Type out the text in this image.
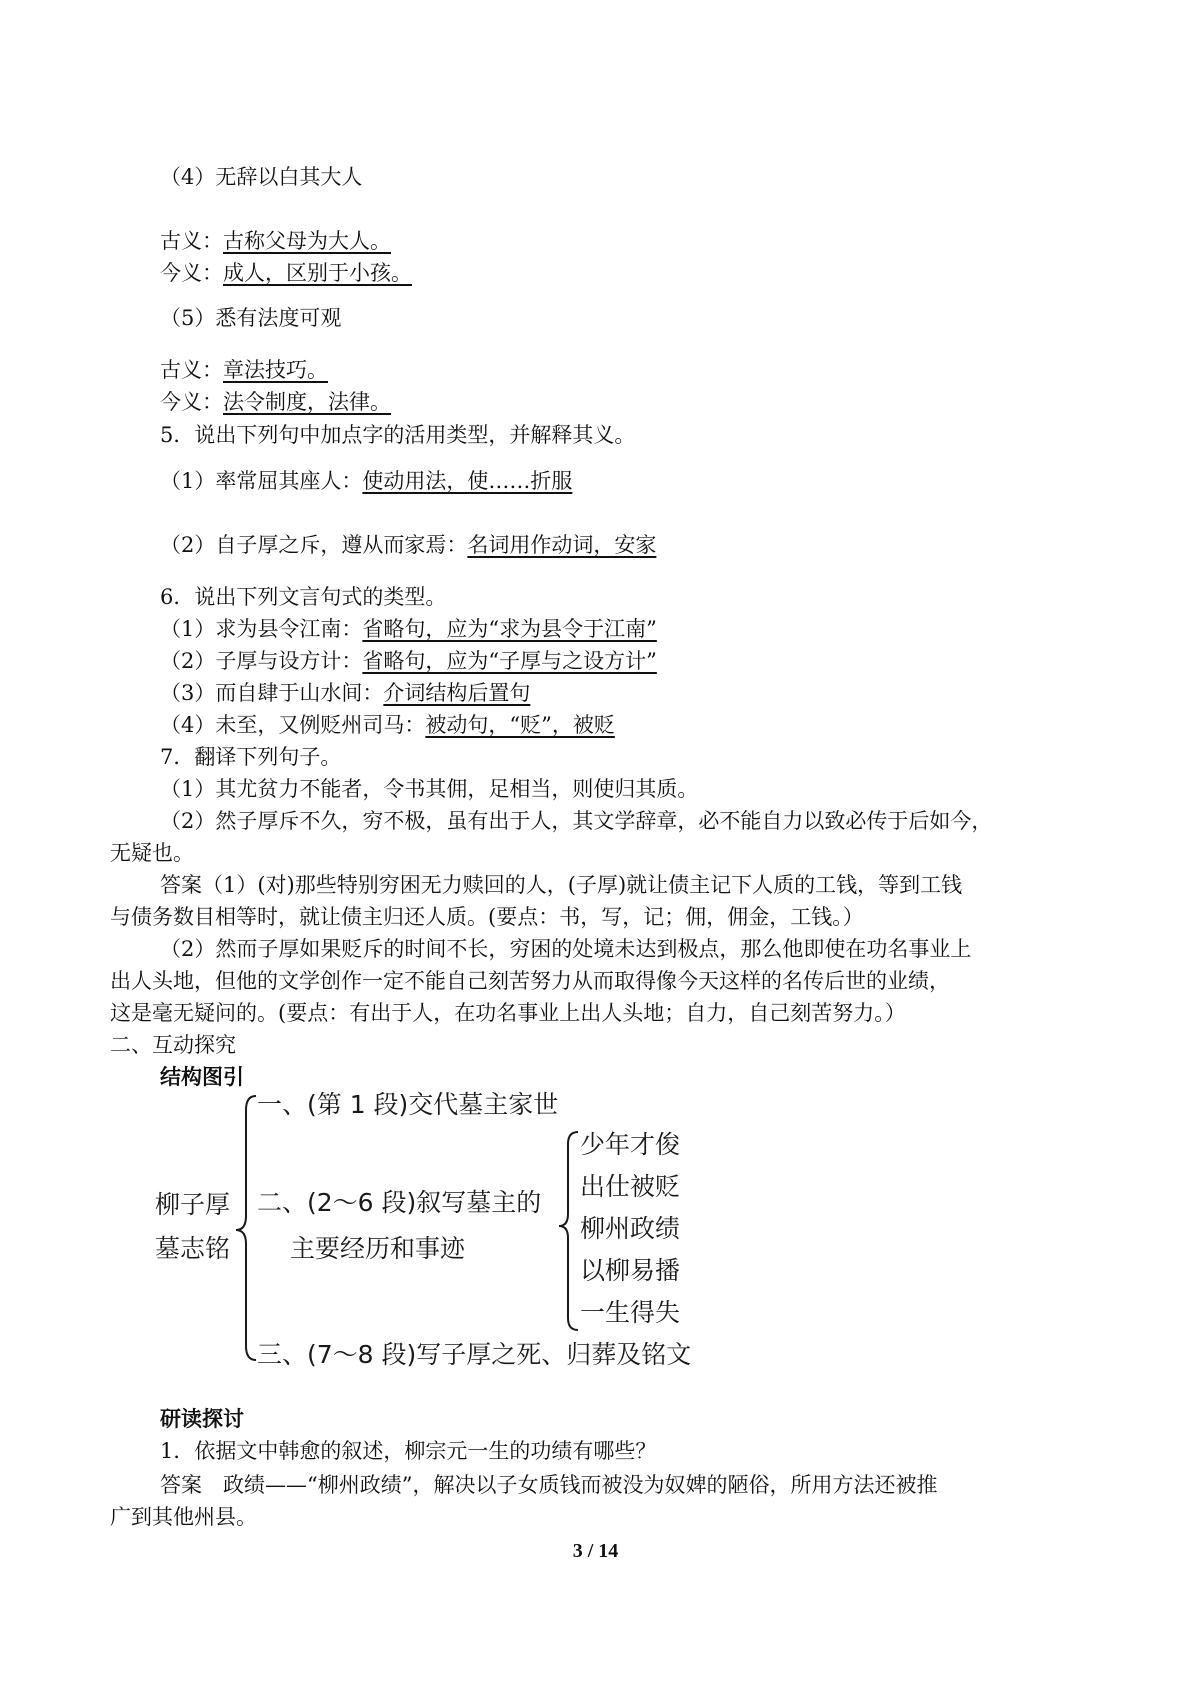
（4）无辞以白其大人
古义：古称父母为大人。
今义：成人，区别于小孩。
（5）悉有法度可观
古义：章法技巧。
今义：法令制度，法律。
5．说出下列句中加点字的活用类型，并解释其义。
（1）率常屈其座人：使动用法，使……折服
（2）自子厚之斥，遵从而家焉：名词用作动词，安家
6．说出下列文言句式的类型。
（1）求为县令江南：省略句，应为“求为县令于江南”
（2）子厚与设方计：省略句，应为“子厚与之设方计”
（3）而自肆于山水间：介词结构后置句
（4）未至，又例贬州司马：被动句，“贬”，被贬
7．翻译下列句子。
（1）其尤贫力不能者，令书其佣，足相当，则使归其质。
（2）然子厚斥不久，穷不极，虽有出于人，其文学辞章，必不能自力以致必传于后如今，
无疑也。
答案（1）(对)那些特别穷困无力赎回的人，(子厚)就让债主记下人质的工钱，等到工钱
与债务数目相等时，就让债主归还人质。(要点：书，写，记；佣，佣金，工钱。）
（2）然而子厚如果贬斥的时间不长，穷困的处境未达到极点，那么他即使在功名事业上
出人头地，但他的文学创作一定不能自己刻苦努力从而取得像今天这样的名传后世的业绩，
这是毫无疑问的。(要点：有出于人，在功名事业上出人头地；自力，自己刻苦努力。）
二、互动探究
结构图引
柳子厚
墓志铭
一、(第 1 段)交代墓主家世
二、(2～6 段)叙写墓主的
主要经历和事迹
少年才俊
出仕被贬
柳州政绩
以柳易播
一生得失
三、(7～8 段)写子厚之死、归葬及铭文
研读探讨
1．依据文中韩愈的叙述，柳宗元一生的功绩有哪些？
答案　政绩——“柳州政绩”，解决以子女质钱而被没为奴婢的陋俗，所用方法还被推
广到其他州县。
3 / 14
